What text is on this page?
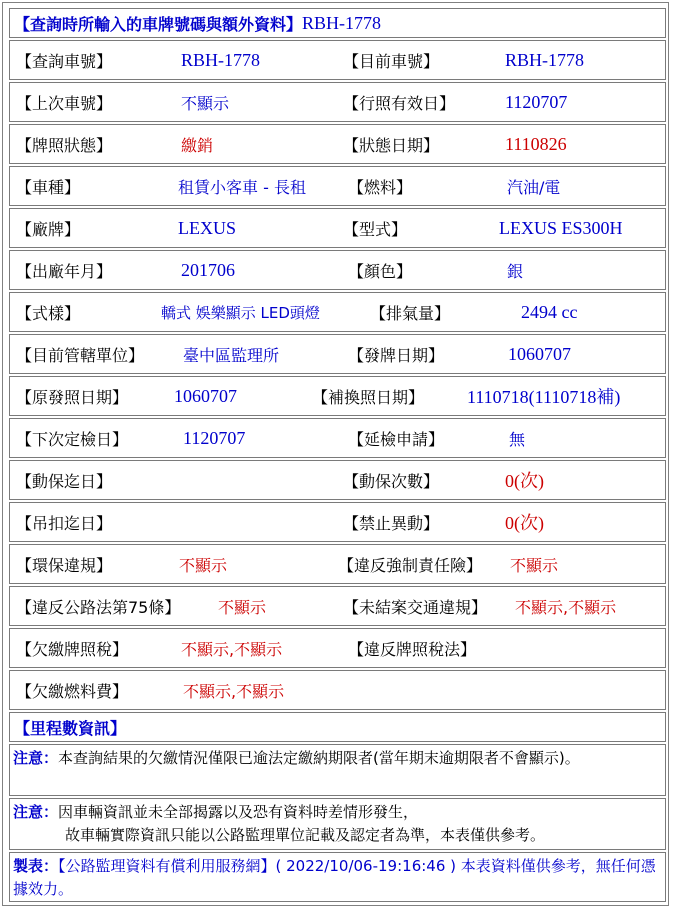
【查詢時所輸入的車牌號碼與額外資料】 RBH-1778
【查詢車號】	RBH-1778	【目前車號】	RBH-1778
【上次車號】	不顯示	【行照有效日】	1120707
【牌照狀態】	繳銷	【狀態日期】	1110826
【車種】	租賃小客車 - 長租	【燃料】	汽油/電
【廠牌】	LEXUS	【型式】	LEXUS ES300H
【出廠年月】	201706	【顏色】	銀
【式樣】	轎式 娛樂顯示 LED頭燈	【排氣量】	2494 cc
【目前管轄單位】 臺中區監理所	【發牌日期】	1060707
【原發照日期】	1060707	【補換照日期】 1110718(1110718補)
【下次定檢日】	1120707	【延檢申請】	無
【動保迄日】	【動保次數】	0(次)
【吊扣迄日】	【禁止異動】	0(次)
【環保違規】	不顯示	【違反強制責任險】 不顯示
【違反公路法第75條】 不顯示	【未結案交通違規】 不顯示,不顯示
【欠繳牌照稅】	不顯示,不顯示	【違反牌照稅法】
【欠繳燃料費】	不顯示,不顯示
【里程數資訊】
注意：本查詢結果的欠繳情況僅限已逾法定繳納期限者(當年期末逾期限者不會顯示)。
注意：因車輛資訊並未全部揭露以及恐有資料時差情形發生，
故車輛實際資訊只能以公路監理單位記載及認定者為準，本表僅供參考。
製表：【公路監理資料有償利用服務網】( 2022/10/06-19:16:46 ) 本表資料僅供參考，無任何憑據效力。
